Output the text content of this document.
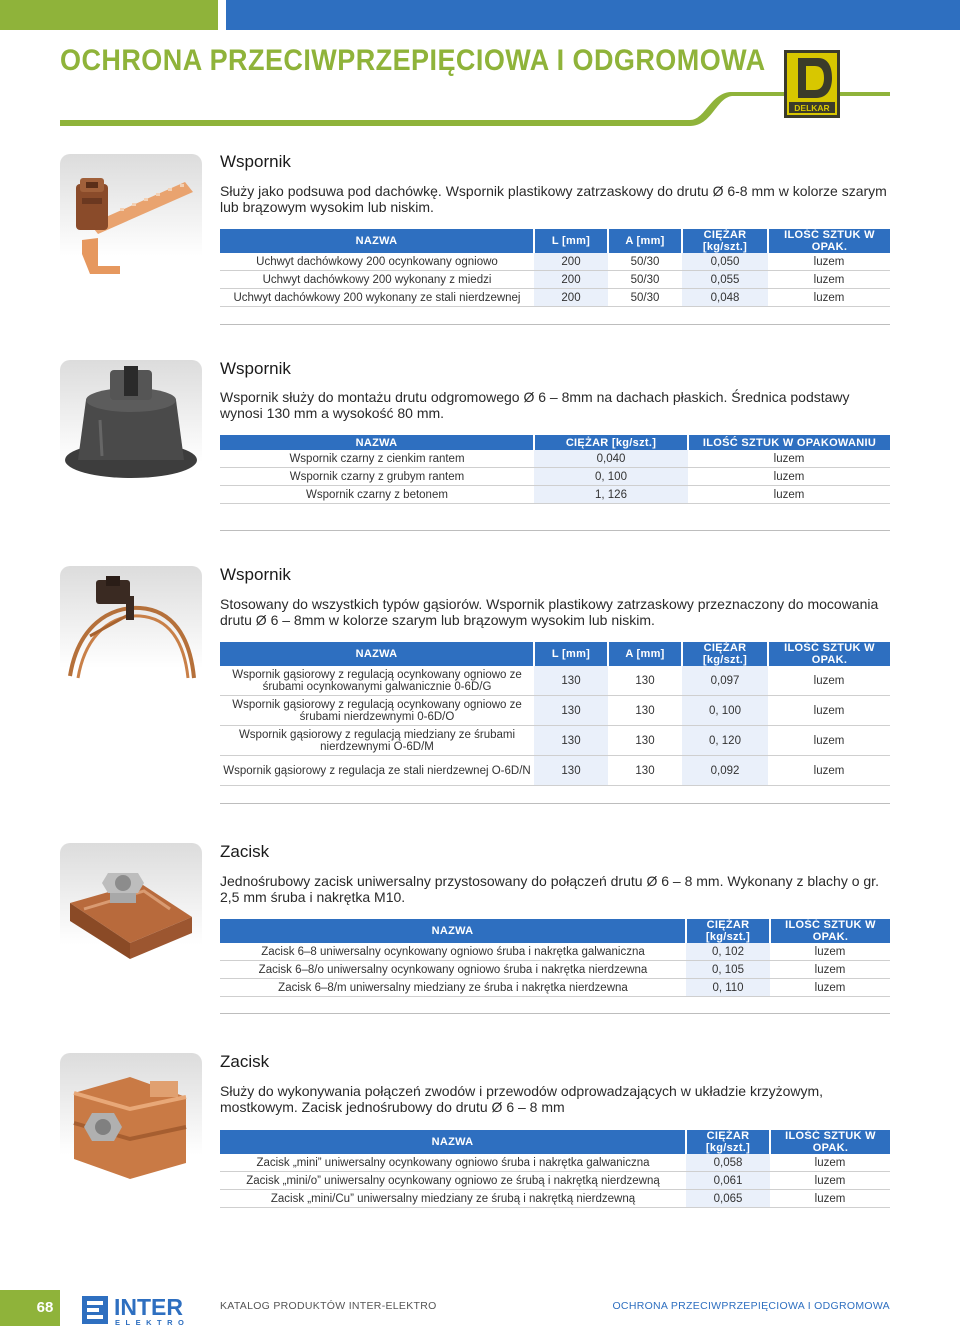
OCHRONA PRZECIWPRZEPIĘCIOWA I ODGROMOWA
DELKAR
Wspornik
Służy jako podsuwa pod dachówkę. Wspornik plastikowy zatrzaskowy do drutu Ø 6-8 mm w kolorze szarym lub brązowym wysokim lub niskim.
NAZWA	L [mm]	A [mm]	CIĘŻAR [kg/szt.]	ILOŚĆ SZTUK W OPAK.
Uchwyt dachówkowy 200 ocynkowany ogniowo	200	50/30	0,050	luzem
Uchwyt dachówkowy 200 wykonany z miedzi	200	50/30	0,055	luzem
Uchwyt dachówkowy 200 wykonany ze stali nierdzewnej	200	50/30	0,048	luzem
Wspornik
Wspornik służy do montażu drutu odgromowego Ø 6 – 8mm na dachach płaskich. Średnica podstawy wynosi 130 mm a wysokość 80 mm.
NAZWA	CIĘŻAR [kg/szt.]	ILOŚĆ SZTUK W OPAKOWANIU
Wspornik czarny z cienkim rantem	0,040	luzem
Wspornik czarny z grubym rantem	0, 100	luzem
Wspornik czarny z betonem	1, 126	luzem
Wspornik
Stosowany do wszystkich typów gąsiorów. Wspornik plastikowy zatrzaskowy przeznaczony do mocowania drutu Ø 6 – 8mm w kolorze szarym lub brązowym wysokim lub niskim.
NAZWA	L [mm]	A [mm]	CIĘŻAR [kg/szt.]	ILOŚĆ SZTUK W OPAK.
Wspornik gąsiorowy z regulacją ocynkowany ogniowo ze śrubami ocynkowanymi galwanicznie 0-6D/G	130	130	0,097	luzem
Wspornik gąsiorowy z regulacją ocynkowany ogniowo ze śrubami nierdzewnymi 0-6D/O	130	130	0, 100	luzem
Wspornik gąsiorowy z regulacją miedziany ze śrubami nierdzewnymi O-6D/M	130	130	0, 120	luzem
Wspornik gąsiorowy z regulacja ze stali nierdzewnej O-6D/N	130	130	0,092	luzem
Zacisk
Jednośrubowy zacisk uniwersalny przystosowany do połączeń drutu Ø 6 – 8 mm. Wykonany z blachy o gr. 2,5 mm śruba i nakrętka M10.
NAZWA	CIĘŻAR [kg/szt.]	ILOŚĆ SZTUK W OPAK.
Zacisk 6–8 uniwersalny ocynkowany ogniowo śruba i nakrętka galwaniczna	0, 102	luzem
Zacisk 6–8/o uniwersalny ocynkowany ogniowo śruba i nakrętka nierdzewna	0, 105	luzem
Zacisk 6–8/m uniwersalny miedziany ze śruba i nakrętka nierdzewna	0, 110	luzem
Zacisk
Służy do wykonywania połączeń zwodów i przewodów odprowadzających w układzie krzyżowym, mostkowym. Zacisk jednośrubowy do drutu Ø 6 – 8 mm
NAZWA	CIĘŻAR [kg/szt.]	ILOŚĆ SZTUK W OPAK.
Zacisk „mini” uniwersalny ocynkowany ogniowo śruba i nakrętka galwaniczna	0,058	luzem
Zacisk „mini/o” uniwersalny ocynkowany ogniowo ze śrubą i nakrętką nierdzewną	0,061	luzem
Zacisk „mini/Cu” uniwersalny miedziany ze śrubą i nakrętką nierdzewną	0,065	luzem
68	INTER
ELEKTRO
KATALOG PRODUKTÓW INTER-ELEKTRO	OCHRONA PRZECIWPRZEPIĘCIOWA I ODGROMOWA
